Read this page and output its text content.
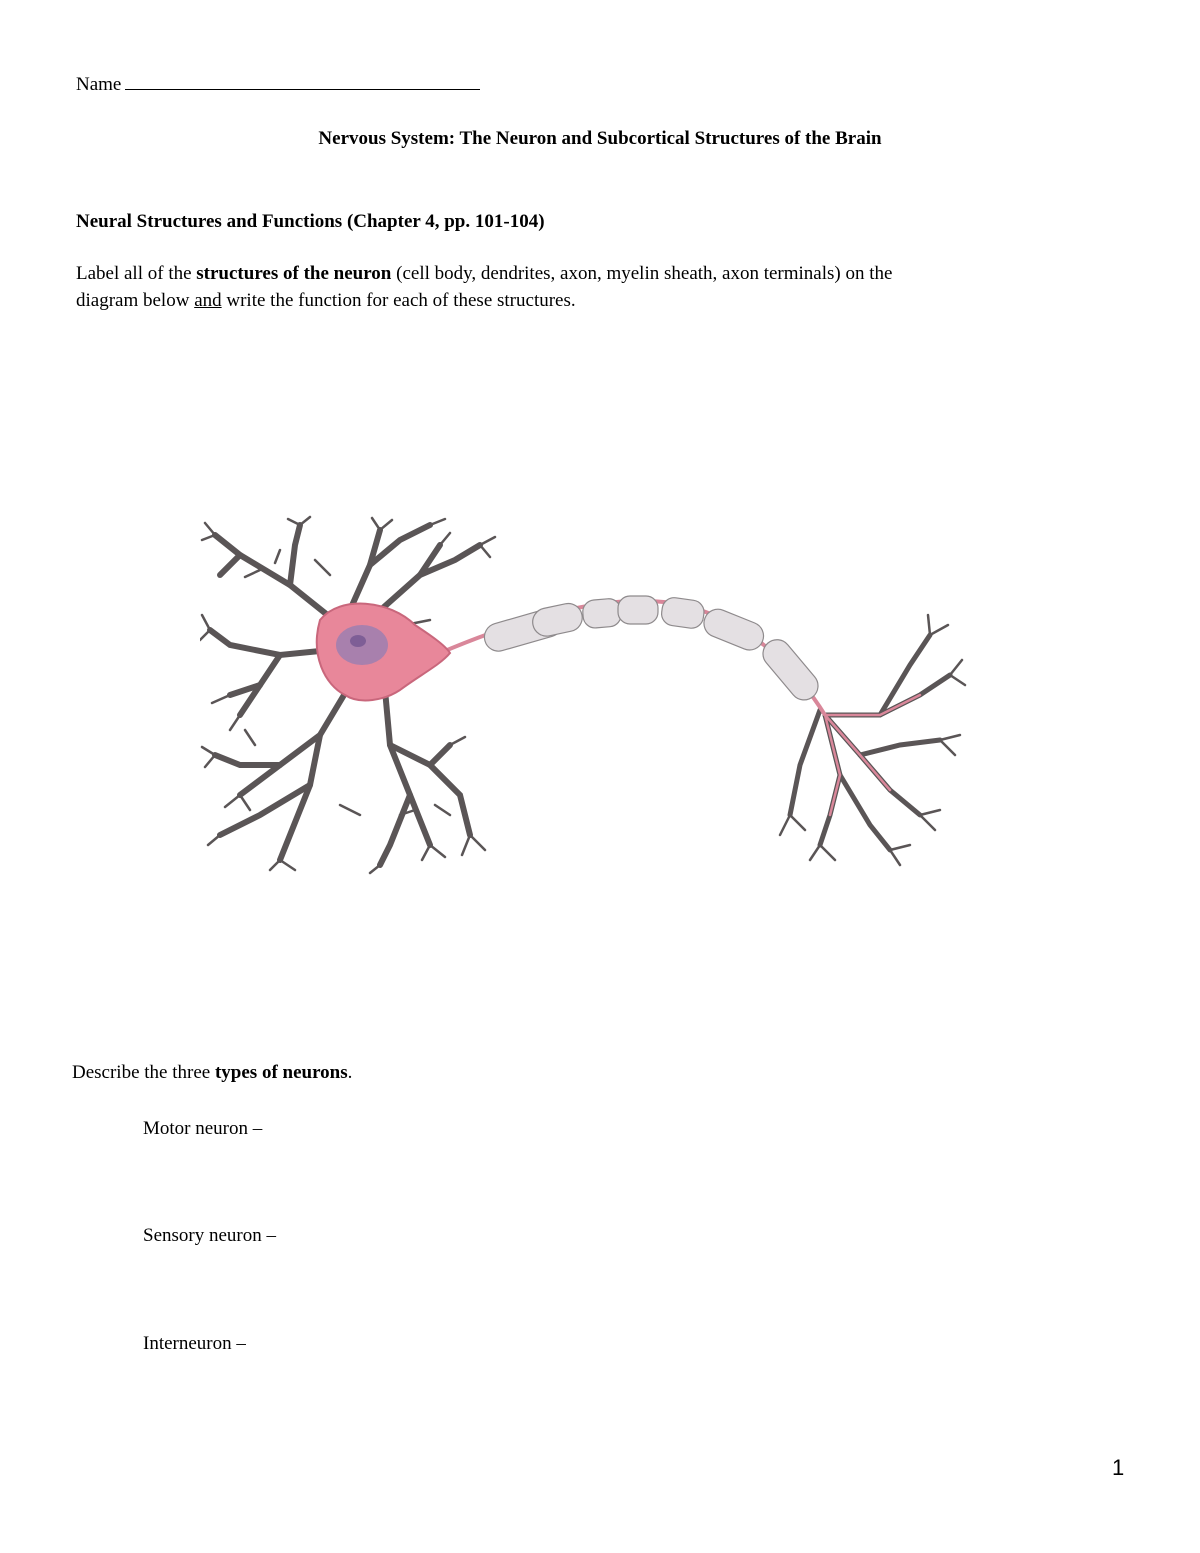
Name
Nervous System: The Neuron and Subcortical Structures of the Brain
Neural Structures and Functions (Chapter 4, pp. 101-104)
Label all of the structures of the neuron (cell body, dendrites, axon, myelin sheath, axon terminals) on the
diagram below and write the function for each of these structures.
Describe the three types of neurons.
Motor neuron –
Sensory neuron –
Interneuron –
1
